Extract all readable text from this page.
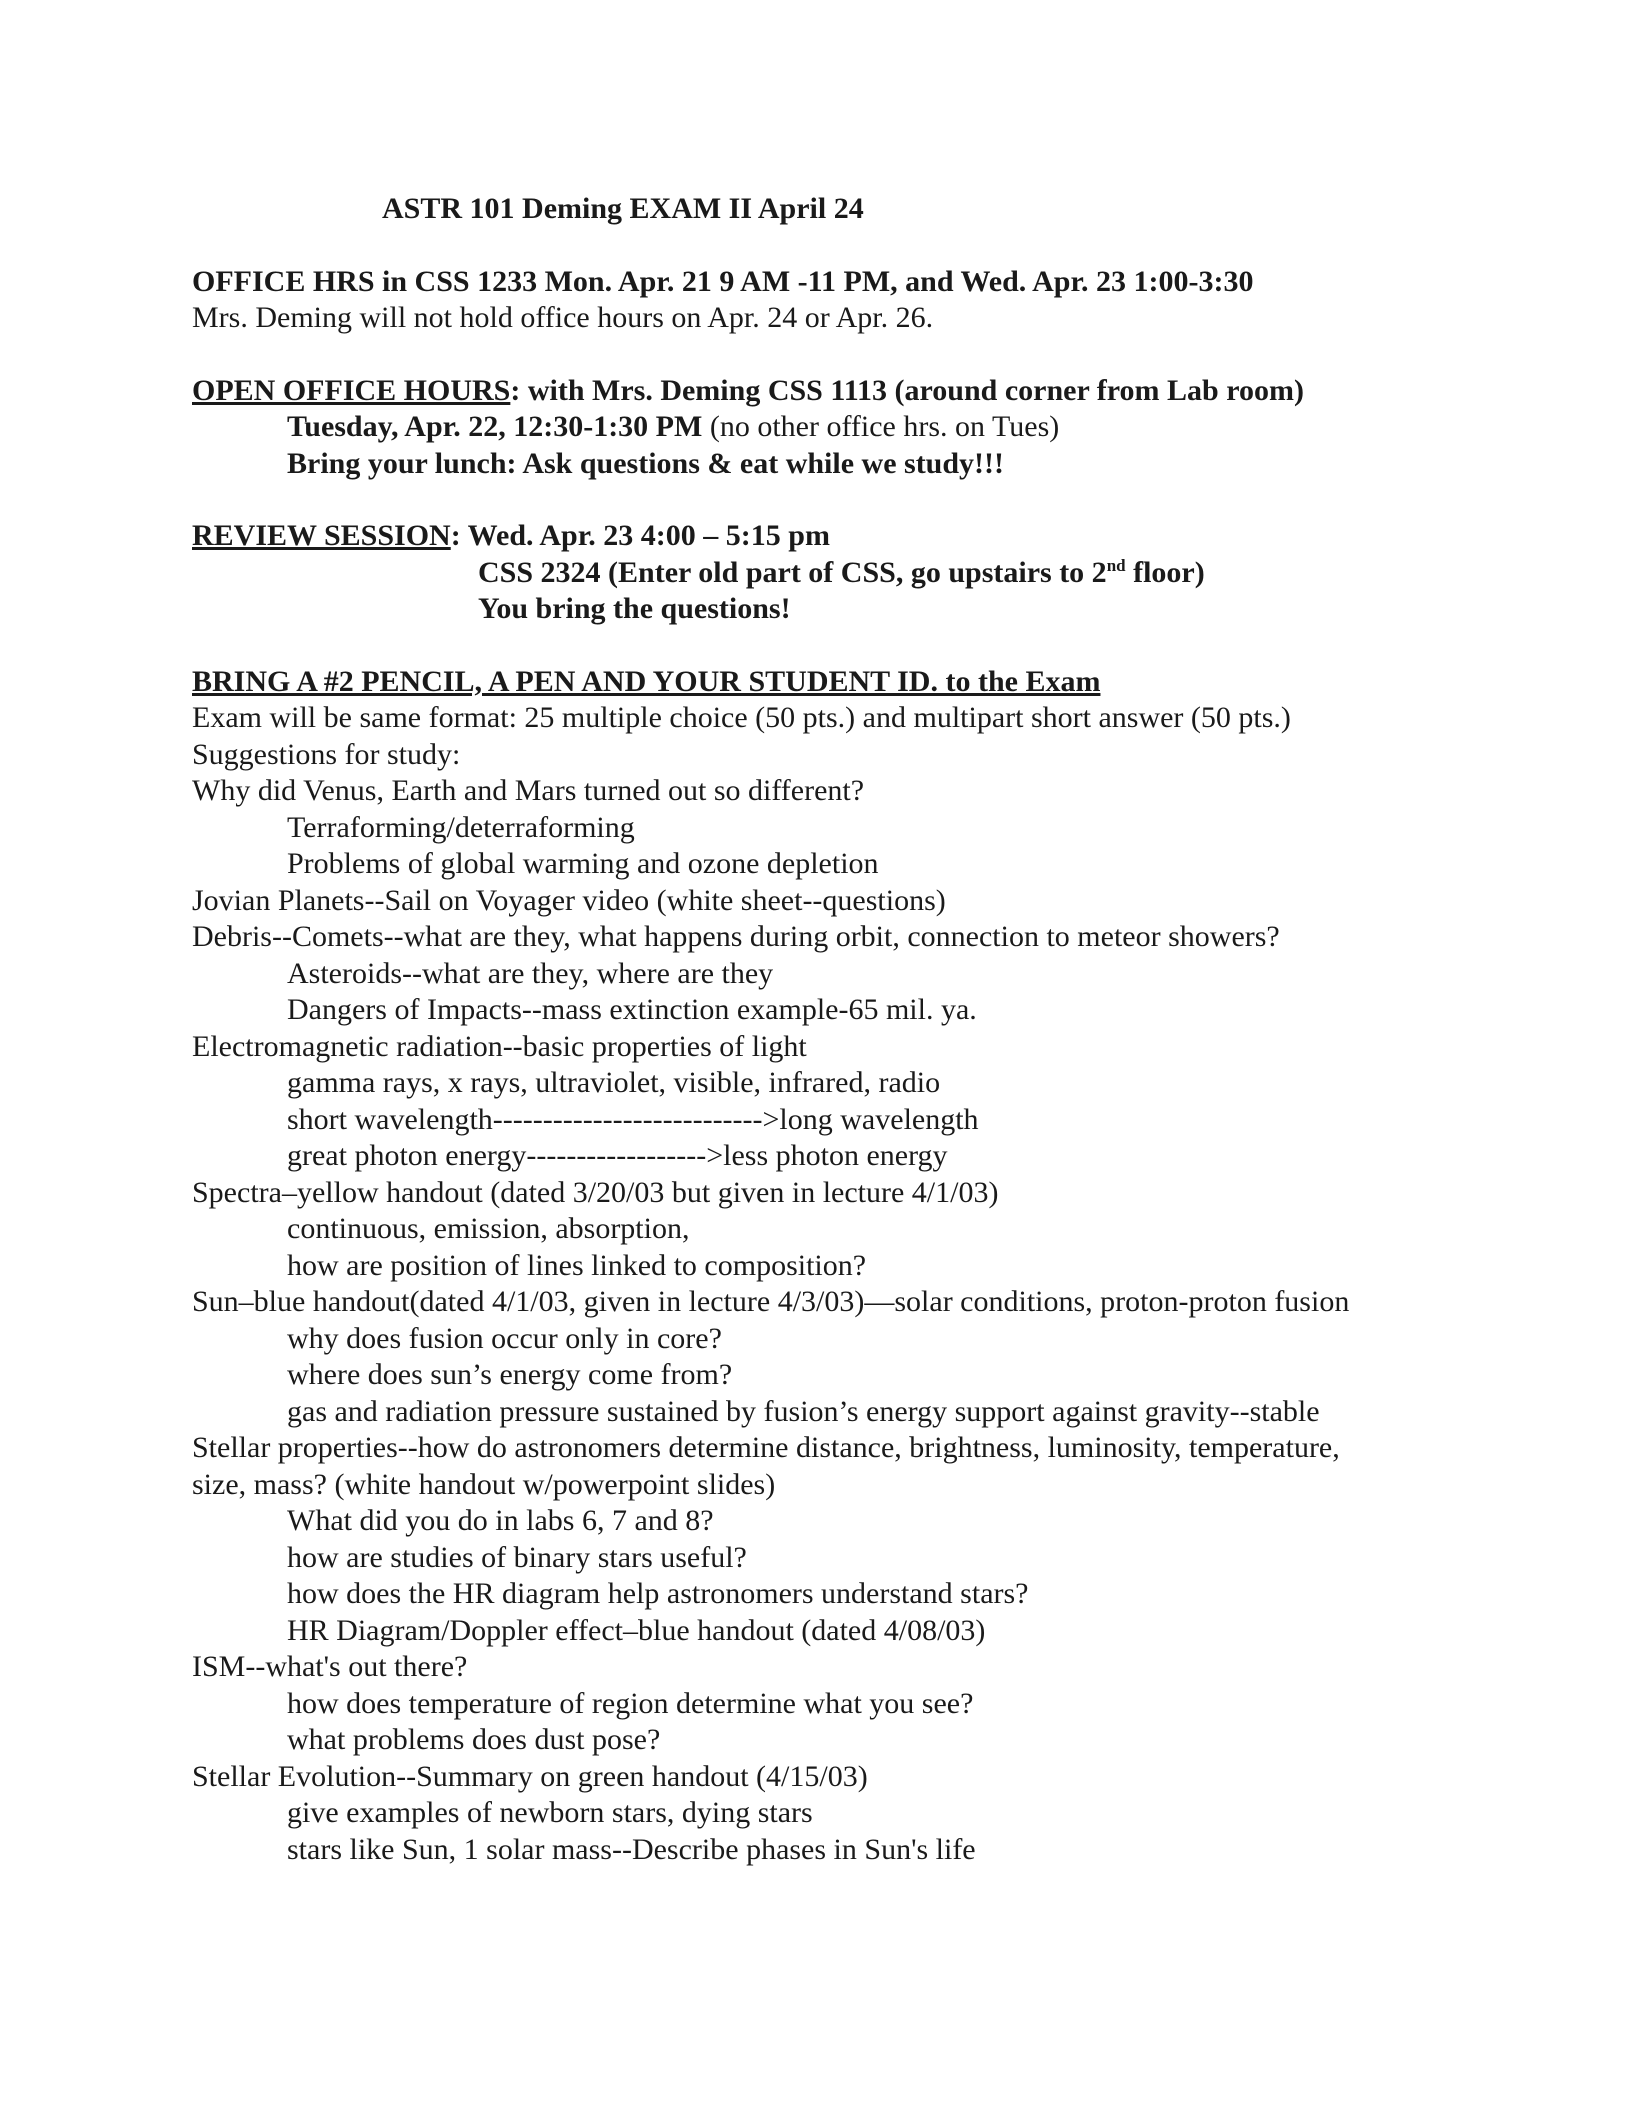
ASTR 101 Deming EXAM II April 24
OFFICE HRS in CSS 1233 Mon. Apr. 21 9 AM -11 PM, and Wed. Apr. 23 1:00-3:30
Mrs. Deming will not hold office hours on Apr. 24 or Apr. 26.
OPEN OFFICE HOURS: with Mrs. Deming CSS 1113 (around corner from Lab room)
Tuesday, Apr. 22, 12:30-1:30 PM (no other office hrs. on Tues)
Bring your lunch: Ask questions & eat while we study!!!
REVIEW SESSION: Wed. Apr. 23 4:00 – 5:15 pm
CSS 2324 (Enter old part of CSS, go upstairs to 2nd floor)
You bring the questions!
BRING A #2 PENCIL, A PEN AND YOUR STUDENT ID. to the Exam
Exam will be same format: 25 multiple choice (50 pts.) and multipart short answer (50 pts.)
Suggestions for study:
Why did Venus, Earth and Mars turned out so different?
Terraforming/deterraforming
Problems of global warming and ozone depletion
Jovian Planets--Sail on Voyager video (white sheet--questions)
Debris--Comets--what are they, what happens during orbit, connection to meteor showers?
Asteroids--what are they, where are they
Dangers of Impacts--mass extinction example-65 mil. ya.
Electromagnetic radiation--basic properties of light
gamma rays, x rays, ultraviolet, visible, infrared, radio
short wavelength--------------------------->long wavelength
great photon energy------------------>less photon energy
Spectra–yellow handout (dated 3/20/03 but given in lecture 4/1/03)
continuous, emission, absorption,
how are position of lines linked to composition?
Sun–blue handout(dated 4/1/03, given in lecture 4/3/03)—solar conditions, proton-proton fusion
why does fusion occur only in core?
where does sun’s energy come from?
gas and radiation pressure sustained by fusion’s energy support against gravity--stable
Stellar properties--how do astronomers determine distance, brightness, luminosity, temperature,
size, mass? (white handout w/powerpoint slides)
What did you do in labs 6, 7 and 8?
how are studies of binary stars useful?
how does the HR diagram help astronomers understand stars?
HR Diagram/Doppler effect–blue handout (dated 4/08/03)
ISM--what's out there?
how does temperature of region determine what you see?
what problems does dust pose?
Stellar Evolution--Summary on green handout (4/15/03)
give examples of newborn stars, dying stars
stars like Sun, 1 solar mass--Describe phases in Sun's life
